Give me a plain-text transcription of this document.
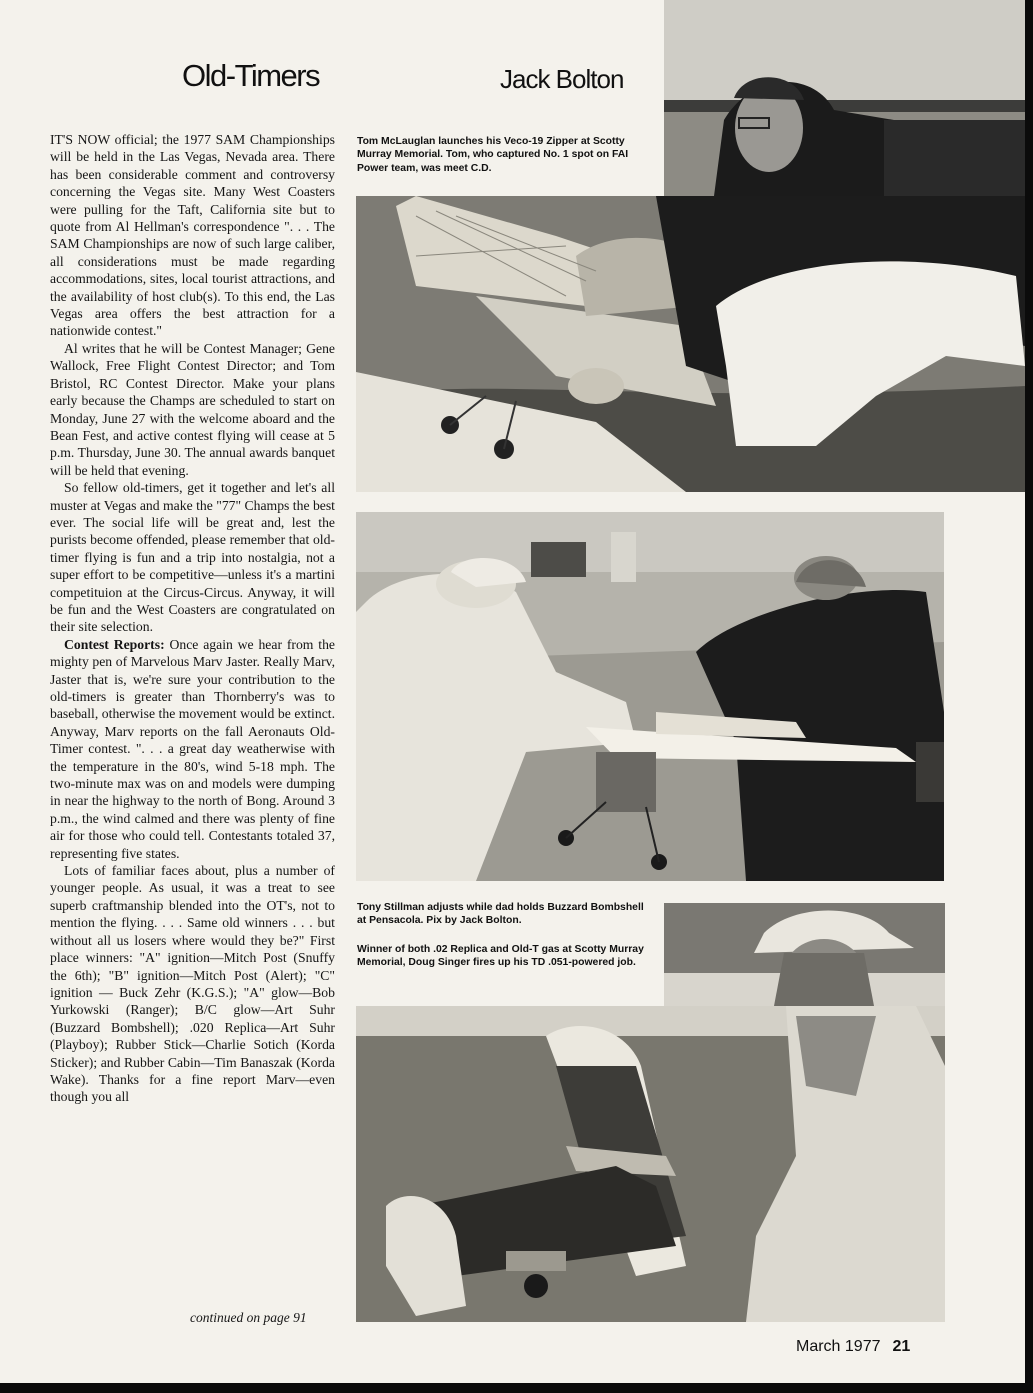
Old-Timers	Jack Bolton

IT'S NOW official; the 1977 SAM Championships will be held in the Las Vegas, Nevada area. There has been considerable comment and controversy concerning the Vegas site. Many West Coasters were pulling for the Taft, California site but to quote from Al Hellman's correspondence ". . . The SAM Championships are now of such large caliber, all considerations must be made regarding accommodations, sites, local tourist attractions, and the availability of host club(s). To this end, the Las Vegas area offers the best attraction for a nationwide contest."

Al writes that he will be Contest Manager; Gene Wallock, Free Flight Contest Director; and Tom Bristol, RC Contest Director. Make your plans early because the Champs are scheduled to start on Monday, June 27 with the welcome aboard and the Bean Fest, and active contest flying will cease at 5 p.m. Thursday, June 30. The annual awards banquet will be held that evening.

So fellow old-timers, get it together and let's all muster at Vegas and make the "77" Champs the best ever. The social life will be great and, lest the purists become offended, please remember that old-timer flying is fun and a trip into nostalgia, not a super effort to be competitive—unless it's a martini competituion at the Circus-Circus. Anyway, it will be fun and the West Coasters are congratulated on their site selection.

Contest Reports: Once again we hear from the mighty pen of Marvelous Marv Jaster. Really Marv, Jaster that is, we're sure your contribution to the old-timers is greater than Thornberry's was to baseball, otherwise the movement would be extinct. Anyway, Marv reports on the fall Aeronauts Old-Timer contest. ". . . a great day weatherwise with the temperature in the 80's, wind 5-18 mph. The two-minute max was on and models were dumping in near the highway to the north of Bong. Around 3 p.m., the wind calmed and there was plenty of fine air for those who could tell. Contestants totaled 37, representing five states.

Lots of familiar faces about, plus a number of younger people. As usual, it was a treat to see superb craftmanship blended into the OT's, not to mention the flying. . . . Same old winners . . . but without all us losers where would they be?" First place winners: "A" ignition—Mitch Post (Snuffy the 6th); "B" ignition—Mitch Post (Alert); "C" ignition — Buck Zehr (K.G.S.); "A" glow—Bob Yurkowski (Ranger); B/C glow—Art Suhr (Buzzard Bombshell); .020 Replica—Art Suhr (Playboy); Rubber Stick—Charlie Sotich (Korda Sticker); and Rubber Cabin—Tim Banaszak (Korda Wake). Thanks for a fine report Marv—even though you all

continued on page 91
Tom McLauglan launches his Veco-19 Zipper at Scotty Murray Memorial. Tom, who captured No. 1 spot on FAI Power team, was meet C.D.
Tony Stillman adjusts while dad holds Buzzard Bombshell at Pensacola. Pix by Jack Bolton.
Winner of both .02 Replica and Old-T gas at Scotty Murray Memorial, Doug Singer fires up his TD .051-powered job.
March 1977 21
